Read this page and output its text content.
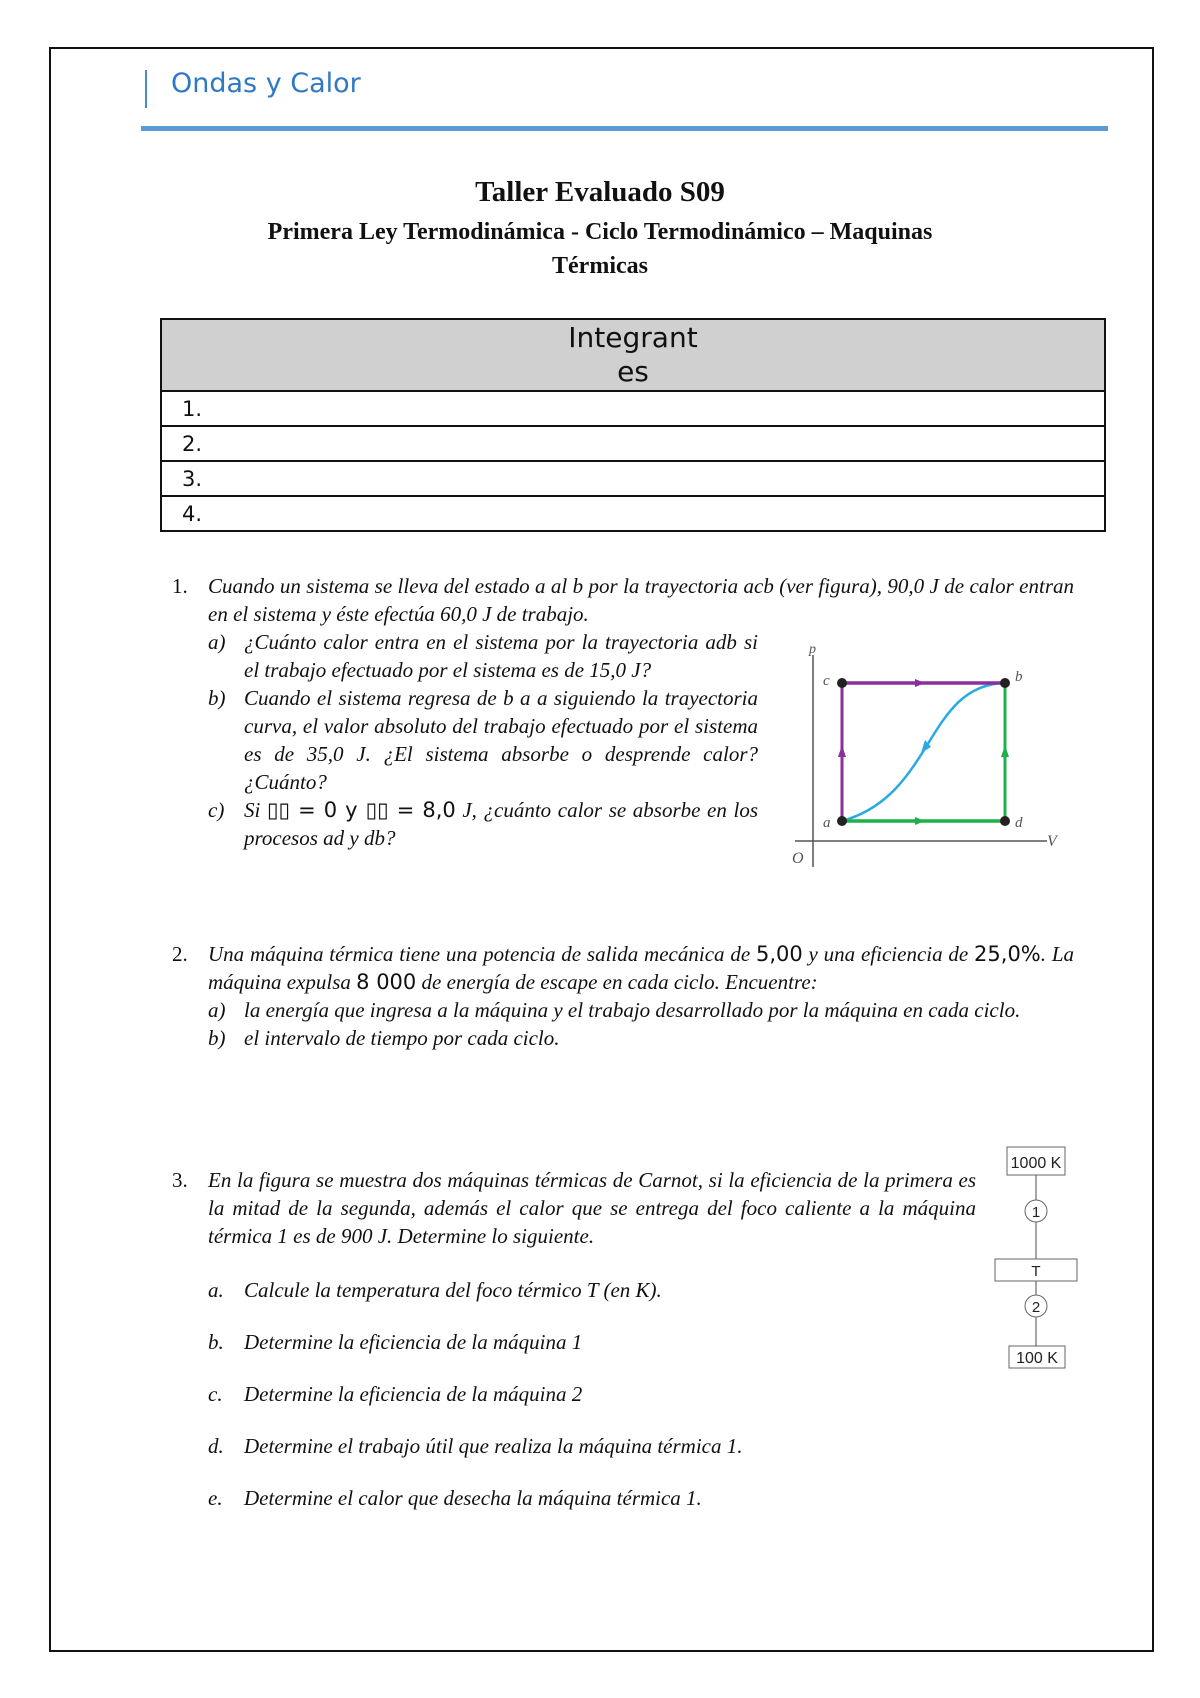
Ondas y Calor
Taller Evaluado S09
Primera Ley Termodinámica - Ciclo Termodinámico – Maquinas
Térmicas
Integrantes

1.
2.
3.
4.
1. Cuando un sistema se lleva del estado a al b por la trayectoria acb (ver figura), 90,0 J de calor entran en el sistema y éste efectúa 60,0 J de trabajo.
a) ¿Cuánto calor entra en el sistema por la trayectoria adb si el trabajo efectuado por el sistema es de 15,0 J?
b) Cuando el sistema regresa de b a a siguiendo la trayectoria curva, el valor absoluto del trabajo efectuado por el sistema es de 35,0 J. ¿El sistema absorbe o desprende calor? ¿Cuánto?
c) Si ▯▯ = 0 y ▯▯ = 8,0 J, ¿cuánto calor se absorbe en los procesos ad y db?
p
V
O
c	b
a	d
2. Una máquina térmica tiene una potencia de salida mecánica de 5,00 y una eficiencia de 25,0%. La máquina expulsa 8 000 de energía de escape en cada ciclo. Encuentre:
a) la energía que ingresa a la máquina y el trabajo desarrollado por la máquina en cada ciclo.
b) el intervalo de tiempo por cada ciclo.
3. En la figura se muestra dos máquinas térmicas de Carnot, si la eficiencia de la primera es la mitad de la segunda, además el calor que se entrega del foco caliente a la máquina térmica 1 es de 900 J. Determine lo siguiente.
a. Calcule la temperatura del foco térmico T (en K).
b. Determine la eficiencia de la máquina 1
c. Determine la eficiencia de la máquina 2
d. Determine el trabajo útil que realiza la máquina térmica 1.
e. Determine el calor que desecha la máquina térmica 1.
1000 K
1
T
2
100 K
